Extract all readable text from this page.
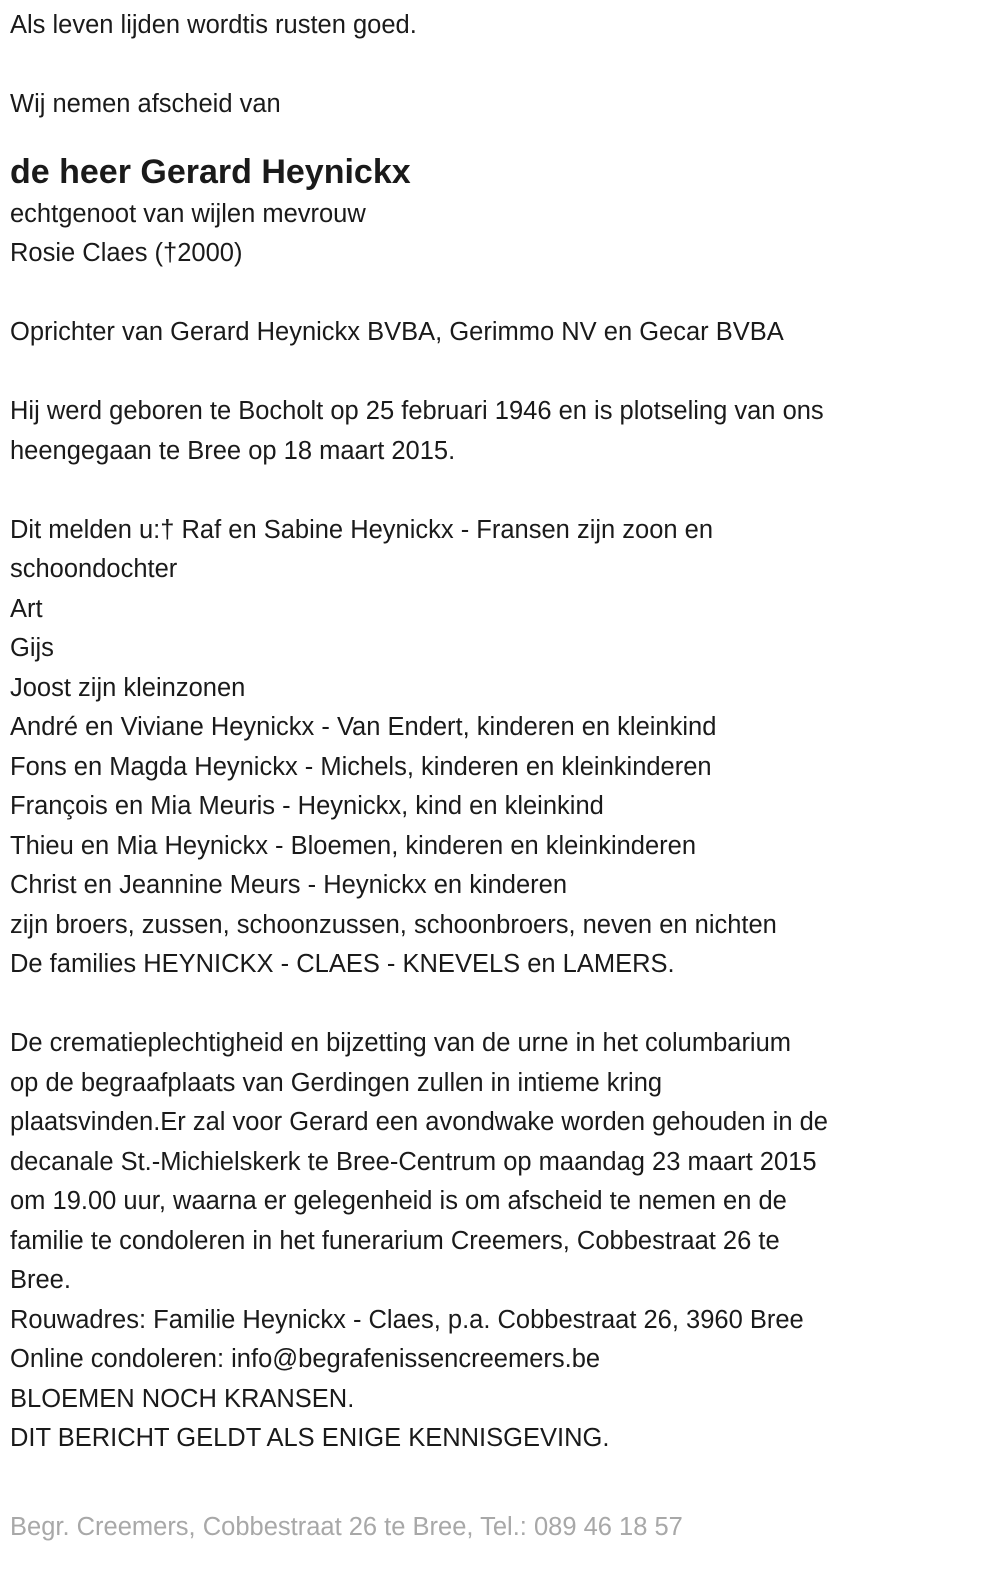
Als leven lijden wordtis rusten goed.
Wij nemen afscheid van
de heer Gerard Heynickx
echtgenoot van wijlen mevrouw
Rosie Claes (†2000)
Oprichter van Gerard Heynickx BVBA, Gerimmo NV en Gecar BVBA
Hij werd geboren te Bocholt op 25 februari 1946 en is plotseling van ons
heengegaan te Bree op 18 maart 2015.
Dit melden u:† Raf en Sabine Heynickx - Fransen zijn zoon en
schoondochter
Art
Gijs
Joost zijn kleinzonen
André en Viviane Heynickx - Van Endert, kinderen en kleinkind
Fons en Magda Heynickx - Michels, kinderen en kleinkinderen
François en Mia Meuris - Heynickx, kind en kleinkind
Thieu en Mia Heynickx - Bloemen, kinderen en kleinkinderen
Christ en Jeannine Meurs - Heynickx en kinderen
zijn broers, zussen, schoonzussen, schoonbroers, neven en nichten
De families HEYNICKX - CLAES - KNEVELS en LAMERS.
De crematieplechtigheid en bijzetting van de urne in het columbarium
op de begraafplaats van Gerdingen zullen in intieme kring
plaatsvinden.Er zal voor Gerard een avondwake worden gehouden in de
decanale St.-Michielskerk te Bree-Centrum op maandag 23 maart 2015
om 19.00 uur, waarna er gelegenheid is om afscheid te nemen en de
familie te condoleren in het funerarium Creemers, Cobbestraat 26 te
Bree.
Rouwadres: Familie Heynickx - Claes, p.a. Cobbestraat 26, 3960 Bree
Online condoleren: info@begrafenissencreemers.be
BLOEMEN NOCH KRANSEN.
DIT BERICHT GELDT ALS ENIGE KENNISGEVING.
Begr. Creemers, Cobbestraat 26 te Bree, Tel.: 089 46 18 57
